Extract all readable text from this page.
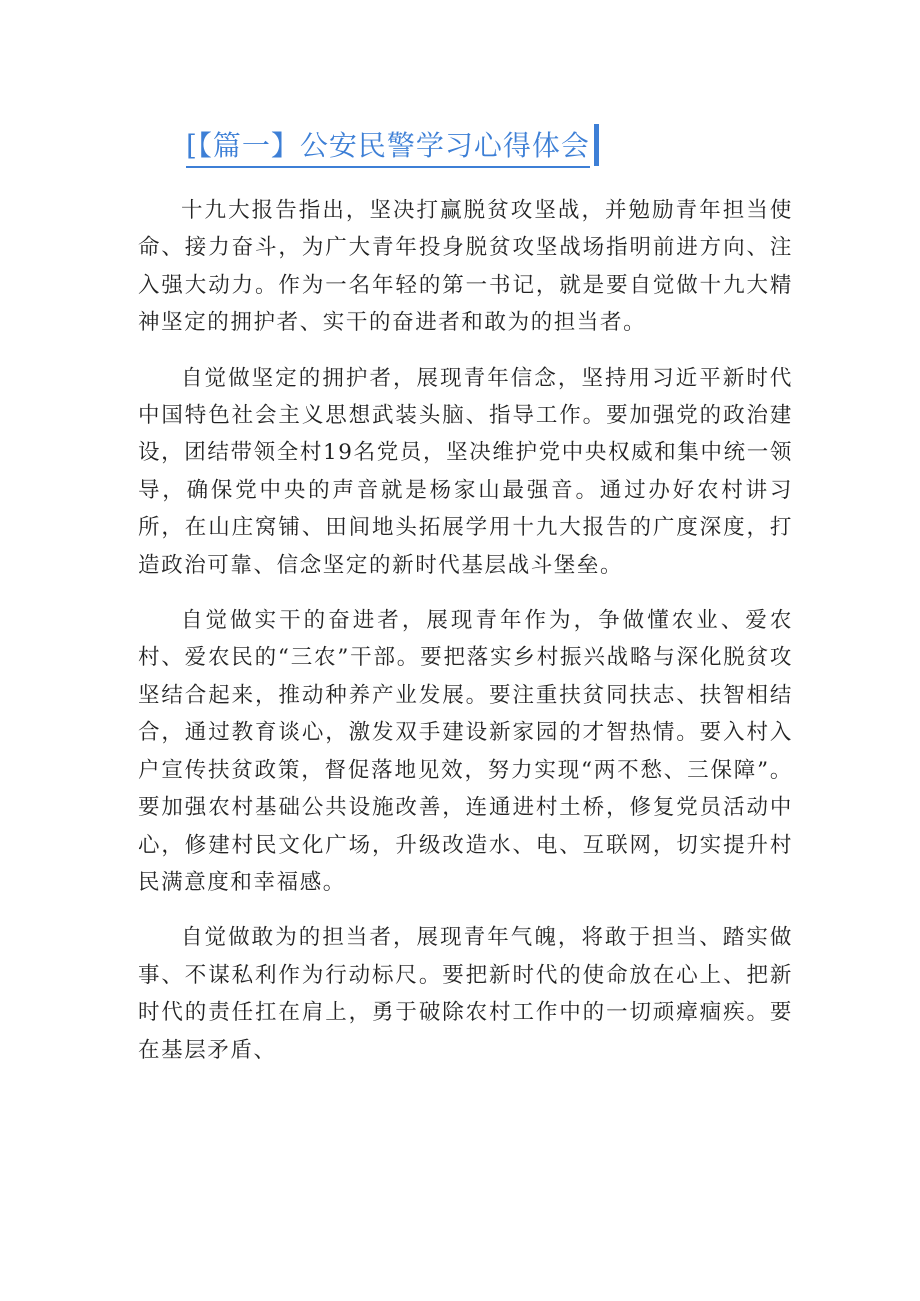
[【篇一】公安民警学习心得体会

十九大报告指出，坚决打赢脱贫攻坚战，并勉励青年担当使命、接力奋斗，为广大青年投身脱贫攻坚战场指明前进方向、注入强大动力。作为一名年轻的第一书记，就是要自觉做十九大精神坚定的拥护者、实干的奋进者和敢为的担当者。

自觉做坚定的拥护者，展现青年信念，坚持用习近平新时代中国特色社会主义思想武装头脑、指导工作。要加强党的政治建设，团结带领全村19名党员，坚决维护党中央权威和集中统一领导，确保党中央的声音就是杨家山最强音。通过办好农村讲习所，在山庄窝铺、田间地头拓展学用十九大报告的广度深度，打造政治可靠、信念坚定的新时代基层战斗堡垒。

自觉做实干的奋进者，展现青年作为，争做懂农业、爱农村、爱农民的“三农”干部。要把落实乡村振兴战略与深化脱贫攻坚结合起来，推动种养产业发展。要注重扶贫同扶志、扶智相结合，通过教育谈心，激发双手建设新家园的才智热情。要入村入户宣传扶贫政策，督促落地见效，努力实现“两不愁、三保障”。要加强农村基础公共设施改善，连通进村土桥，修复党员活动中心，修建村民文化广场，升级改造水、电、互联网，切实提升村民满意度和幸福感。

自觉做敢为的担当者，展现青年气魄，将敢于担当、踏实做事、不谋私利作为行动标尺。要把新时代的使命放在心上、把新时代的责任扛在肩上，勇于破除农村工作中的一切顽瘴痼疾。要在基层矛盾、
